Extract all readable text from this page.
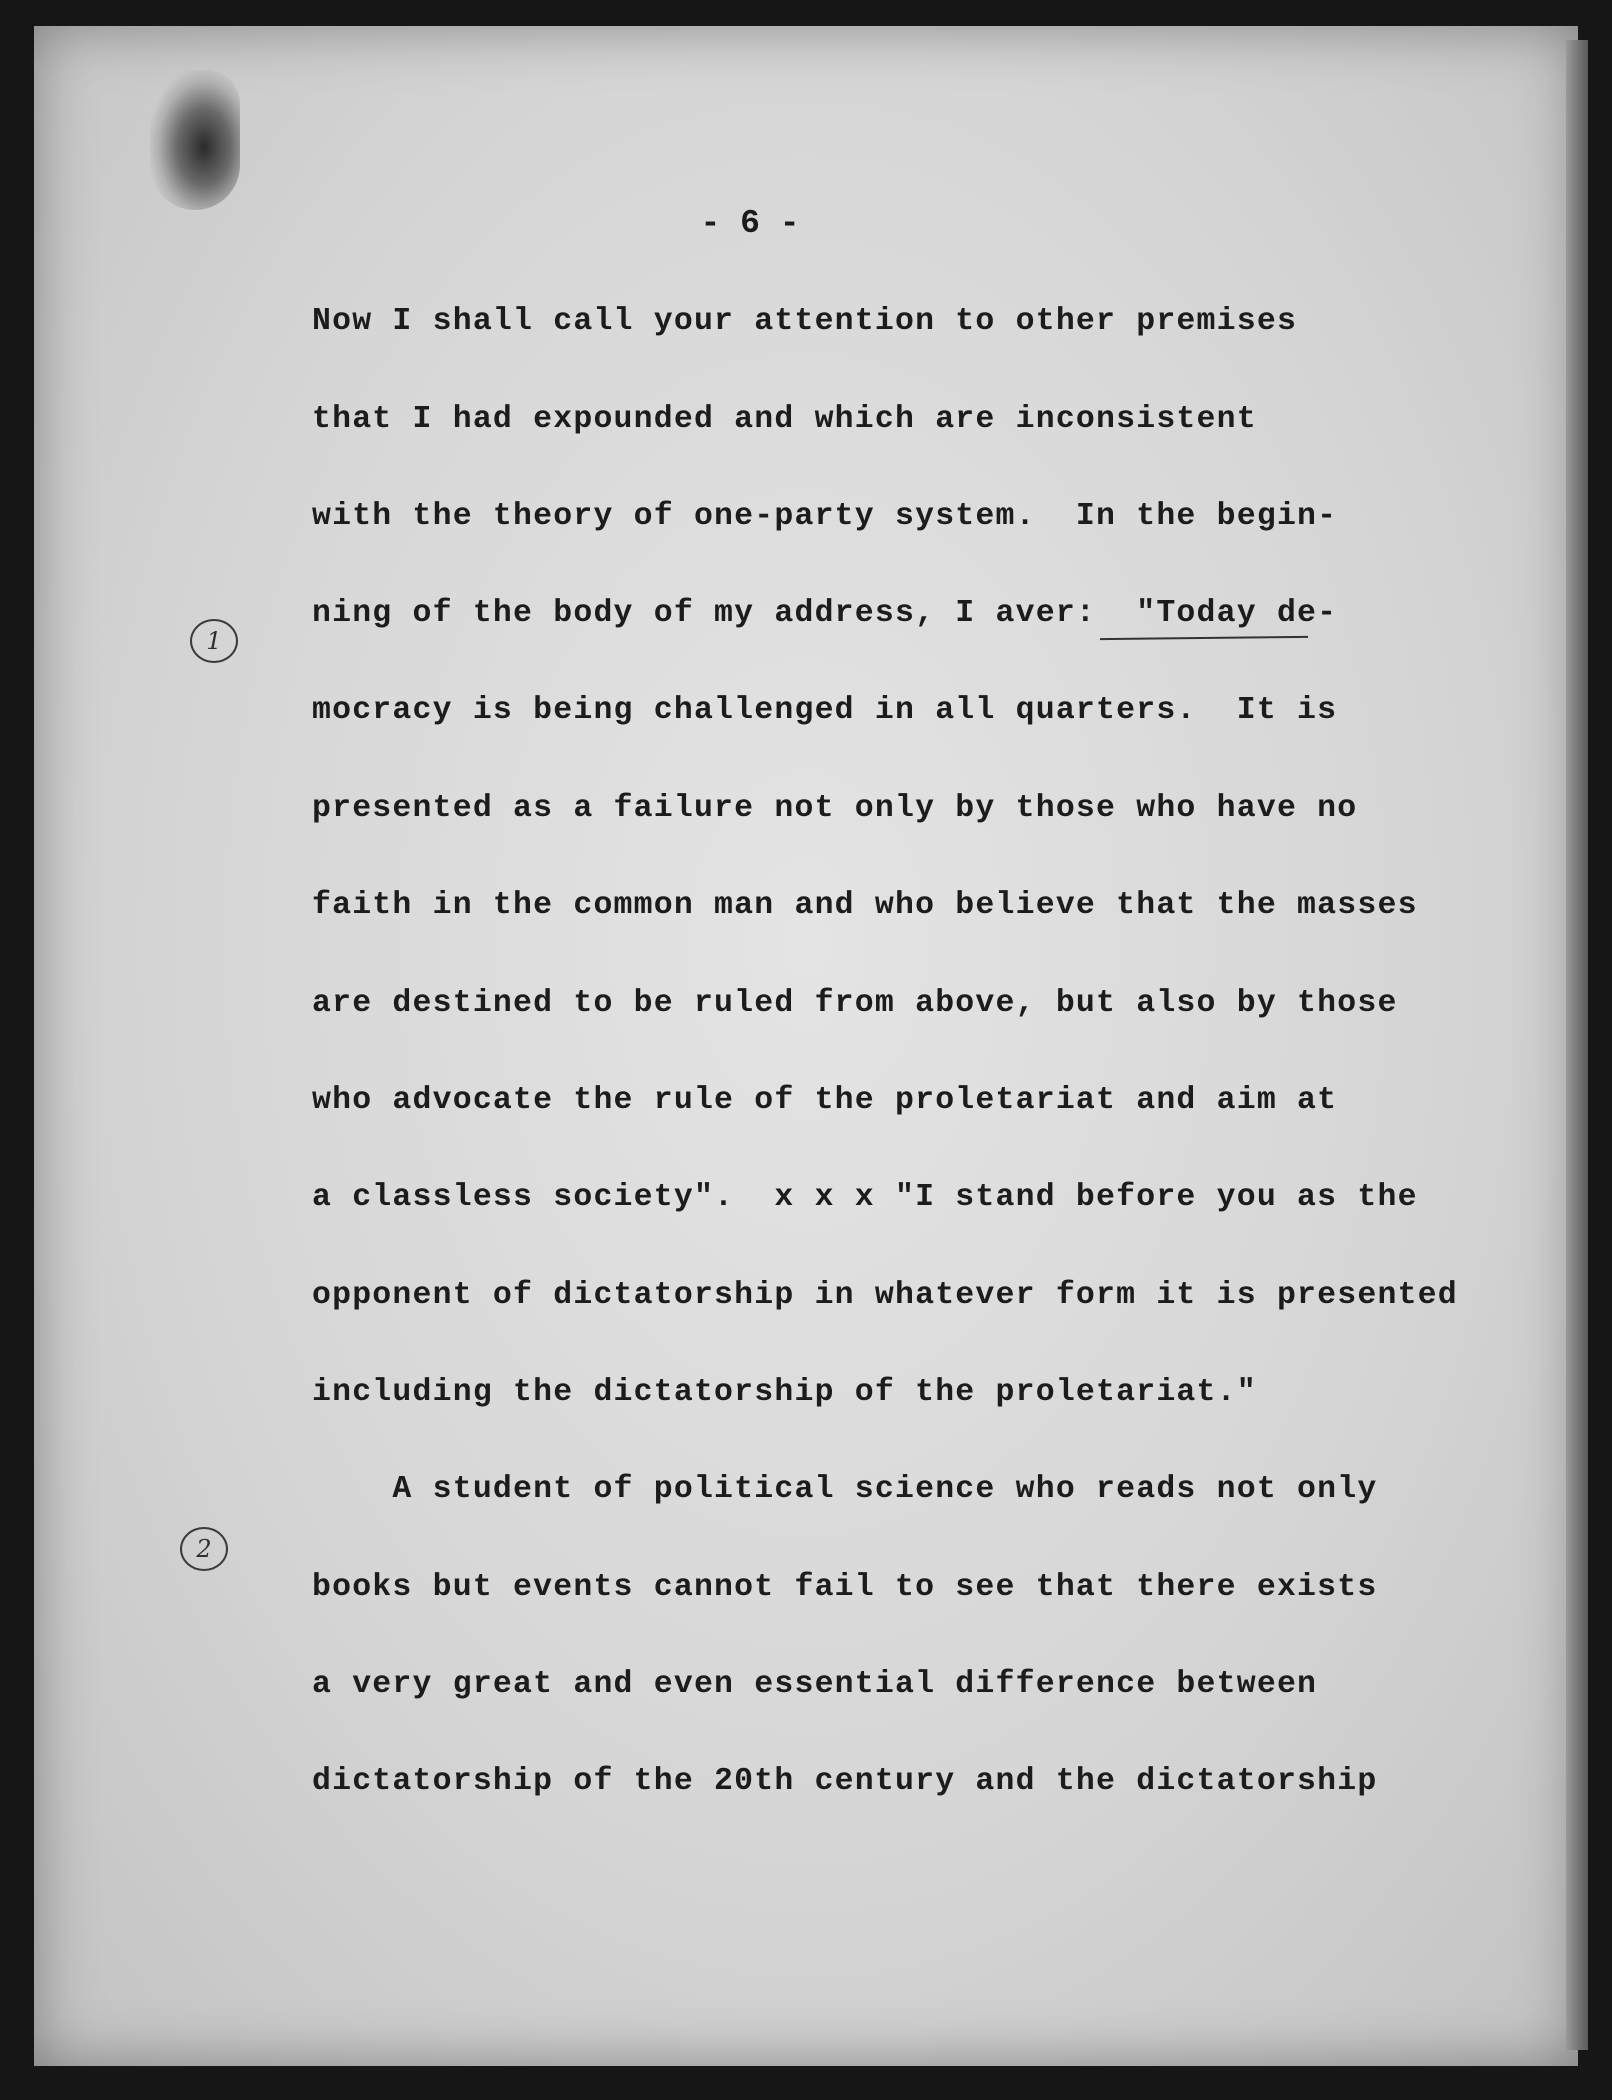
- 6 -
Now I shall call your attention to other premises
that I had expounded and which are inconsistent
with the theory of one-party system.  In the begin-
ning of the body of my address, I aver:  "Today de-
mocracy is being challenged in all quarters.  It is
presented as a failure not only by those who have no
faith in the common man and who believe that the masses
are destined to be ruled from above, but also by those
who advocate the rule of the proletariat and aim at
a classless society".  x x x "I stand before you as the
opponent of dictatorship in whatever form it is presented
including the dictatorship of the proletariat."
A student of political science who reads not only
books but events cannot fail to see that there exists
a very great and even essential difference between
dictatorship of the 20th century and the dictatorship
1
2
